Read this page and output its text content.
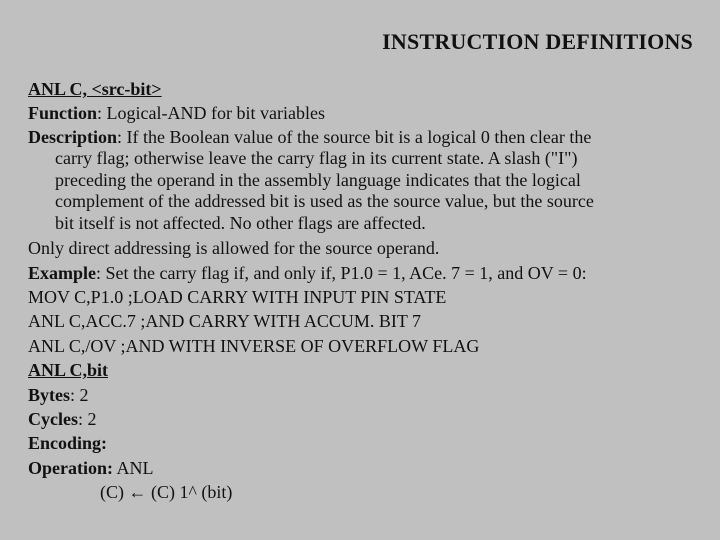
INSTRUCTION DEFINITIONS
ANL C, <src-bit>
Function: Logical-AND for bit variables
Description: If the Boolean value of the source bit is a logical 0 then clear the
carry flag; otherwise leave the carry flag in its current state. A slash ("I")
preceding the operand in the assembly language indicates that the logical
complement of the addressed bit is used as the source value, but the source
bit itself is not affected. No other flags are affected.
Only direct addressing is allowed for the source operand.
Example: Set the carry flag if, and only if, P1.0 = 1, ACe. 7 = 1, and OV = 0:
MOV C,P1.0 ;LOAD CARRY WITH INPUT PIN STATE
ANL C,ACC.7 ;AND CARRY WITH ACCUM. BIT 7
ANL C,/OV ;AND WITH INVERSE OF OVERFLOW FLAG
ANL C,bit
Bytes: 2
Cycles: 2
Encoding:
Operation: ANL
(C) ← (C) 1^ (bit)
